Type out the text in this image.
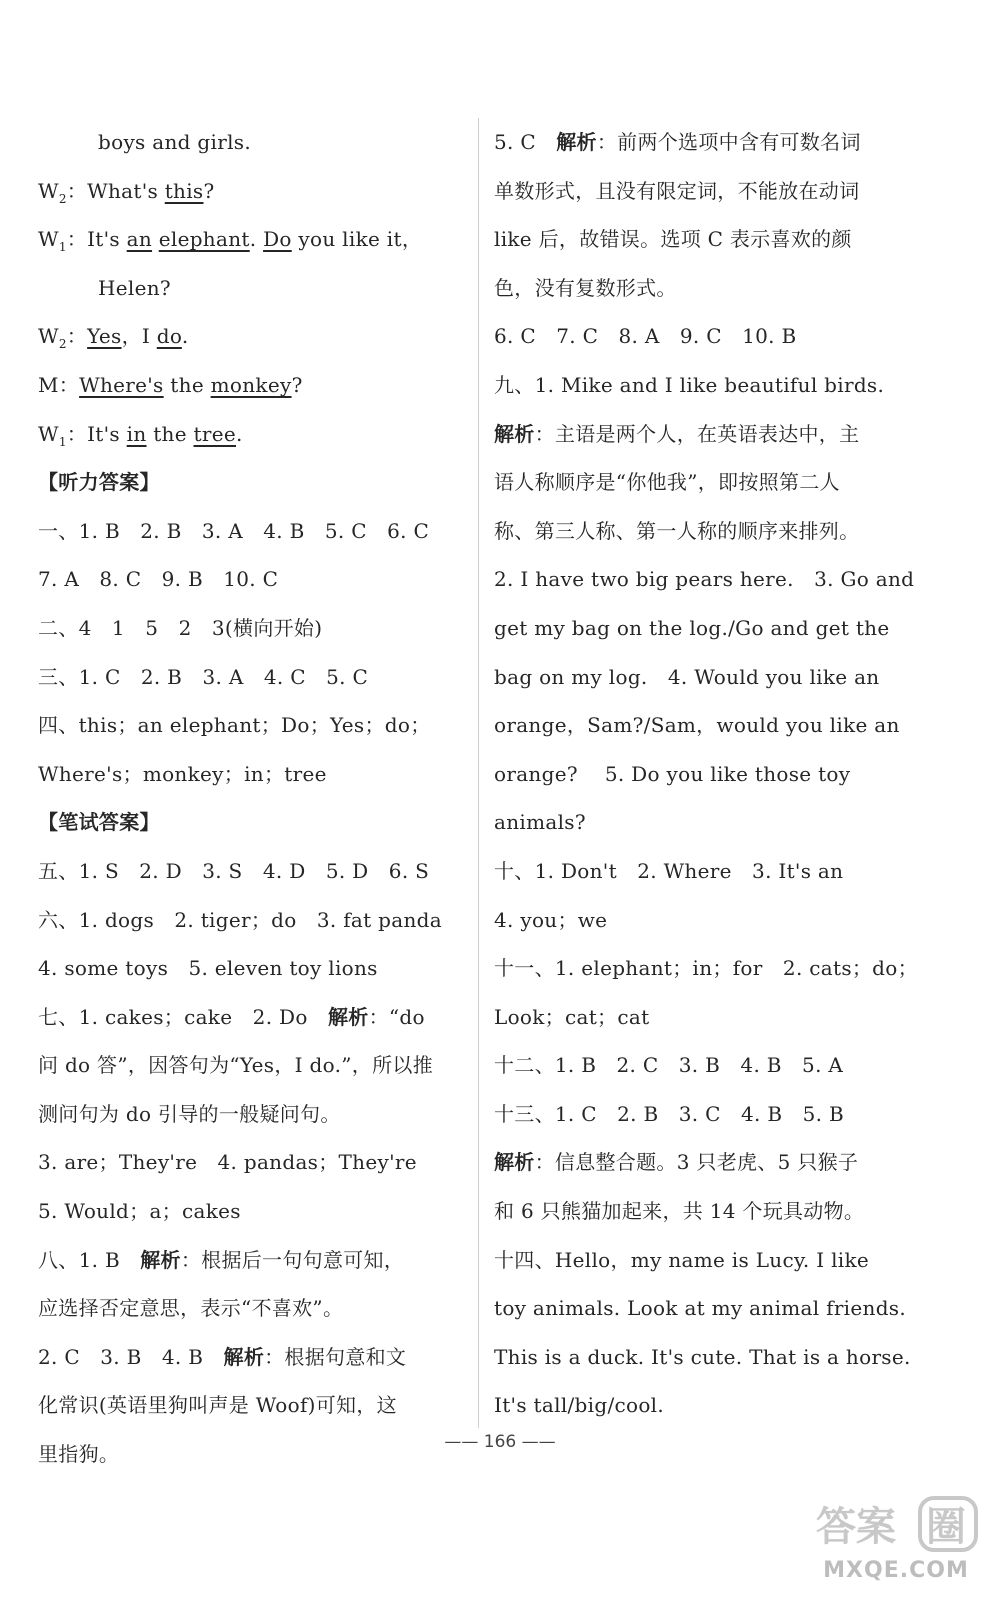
boys and girls.
$W_2$：What's this?
$W_1$：It's an elephant. Do you like it，
Helen?
$W_2$：Yes，I do.
M：Where's the monkey?
$W_1$：It's in the tree.
【听力答案】
一、1. B　2. B　3. A　4. B　5. C　6. C
7. A　8. C　9. B　10. C
二、4　1　5　2　3(横向开始)
三、1. C　2. B　3. A　4. C　5. C
四、this；an elephant；Do；Yes；do；
Where's；monkey；in；tree
【笔试答案】
五、1. S　2. D　3. S　4. D　5. D　6. S
六、1. dogs　2. tiger；do　3. fat panda
4. some toys　5. eleven toy lions
七、1. cakes；cake　2. Do　解析：“do
问 do 答”，因答句为“Yes，I do.”，所以推
测问句为 do 引导的一般疑问句。
3. are；They're　4. pandas；They're
5. Would；a；cakes
八、1. B　解析：根据后一句句意可知，
应选择否定意思，表示“不喜欢”。
2. C　3. B　4. B　解析：根据句意和文
化常识(英语里狗叫声是 Woof)可知，这
里指狗。
5. C　解析：前两个选项中含有可数名词
单数形式，且没有限定词，不能放在动词
like 后，故错误。选项 C 表示喜欢的颜
色，没有复数形式。
6. C　7. C　8. A　9. C　10. B
九、1. Mike and I like beautiful birds.
解析：主语是两个人，在英语表达中，主
语人称顺序是“你他我”，即按照第二人
称、第三人称、第一人称的顺序来排列。
2. I have two big pears here.　3. Go and
get my bag on the log./Go and get the
bag on my log.　4. Would you like an
orange，Sam?/Sam，would you like an
orange?　 5. Do you like those toy
animals?
十、1. Don't　2. Where　3. It's an
4. you；we
十一、1. elephant；in；for　2. cats；do；
Look；cat；cat
十二、1. B　2. C　3. B　4. B　5. A
十三、1. C　2. B　3. C　4. B　5. B
解析：信息整合题。3 只老虎、5 只猴子
和 6 只熊猫加起来，共 14 个玩具动物。
十四、Hello，my name is Lucy. I like
toy animals. Look at my animal friends.
This is a duck. It's cute. That is a horse.
It's tall/big/cool.
—— 166 ——
答案 圈
MXQE.COM
